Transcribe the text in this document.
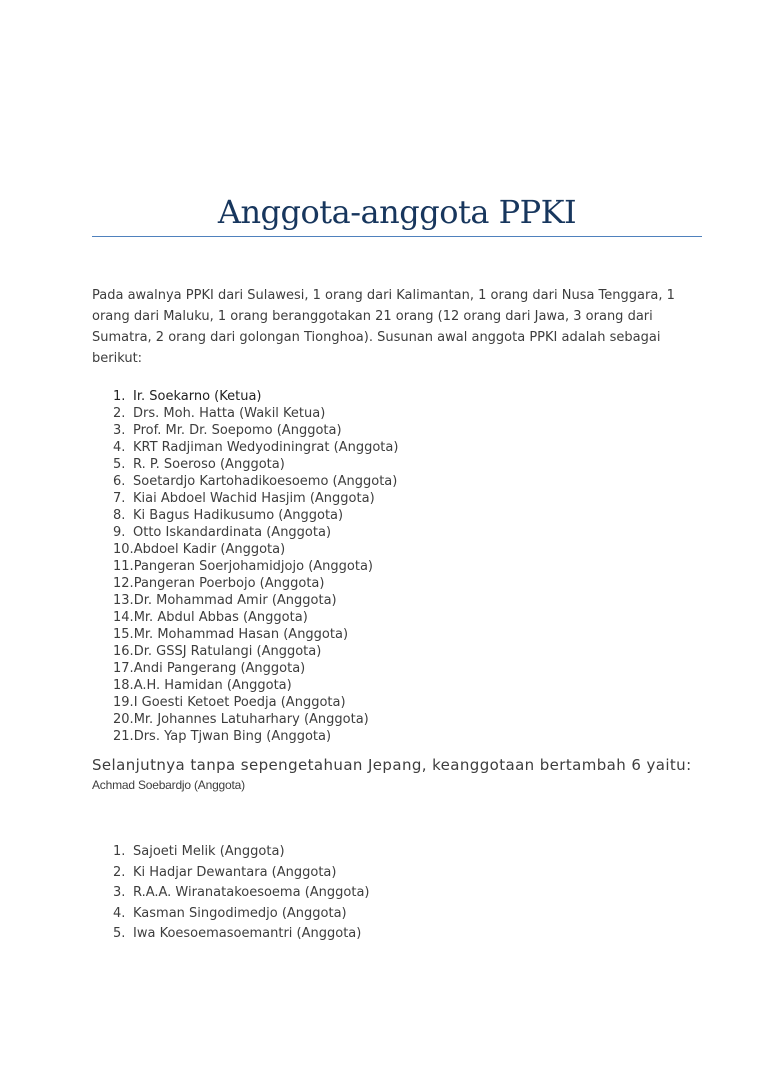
Anggota-anggota PPKI

Pada awalnya PPKI dari Sulawesi, 1 orang dari Kalimantan, 1 orang dari Nusa Tenggara, 1 orang dari Maluku, 1 orang beranggotakan 21 orang (12 orang dari Jawa, 3 orang dari Sumatra, 2 orang dari golongan Tionghoa). Susunan awal anggota PPKI adalah sebagai berikut:

1. Ir. Soekarno (Ketua)
2. Drs. Moh. Hatta (Wakil Ketua)
3. Prof. Mr. Dr. Soepomo (Anggota)
4. KRT Radjiman Wedyodiningrat (Anggota)
5. R. P. Soeroso (Anggota)
6. Soetardjo Kartohadikoesoemo (Anggota)
7. Kiai Abdoel Wachid Hasjim (Anggota)
8. Ki Bagus Hadikusumo (Anggota)
9. Otto Iskandardinata (Anggota)
10.Abdoel Kadir (Anggota)
11.Pangeran Soerjohamidjojo (Anggota)
12.Pangeran Poerbojo (Anggota)
13.Dr. Mohammad Amir (Anggota)
14.Mr. Abdul Abbas (Anggota)
15.Mr. Mohammad Hasan (Anggota)
16.Dr. GSSJ Ratulangi (Anggota)
17.Andi Pangerang (Anggota)
18.A.H. Hamidan (Anggota)
19.I Goesti Ketoet Poedja (Anggota)
20.Mr. Johannes Latuharhary (Anggota)
21.Drs. Yap Tjwan Bing (Anggota)

Selanjutnya tanpa sepengetahuan Jepang, keanggotaan bertambah 6 yaitu:

Achmad Soebardjo (Anggota)

1. Sajoeti Melik (Anggota)
2. Ki Hadjar Dewantara (Anggota)
3. R.A.A. Wiranatakoesoema (Anggota)
4. Kasman Singodimedjo (Anggota)
5. Iwa Koesoemasoemantri (Anggota)
